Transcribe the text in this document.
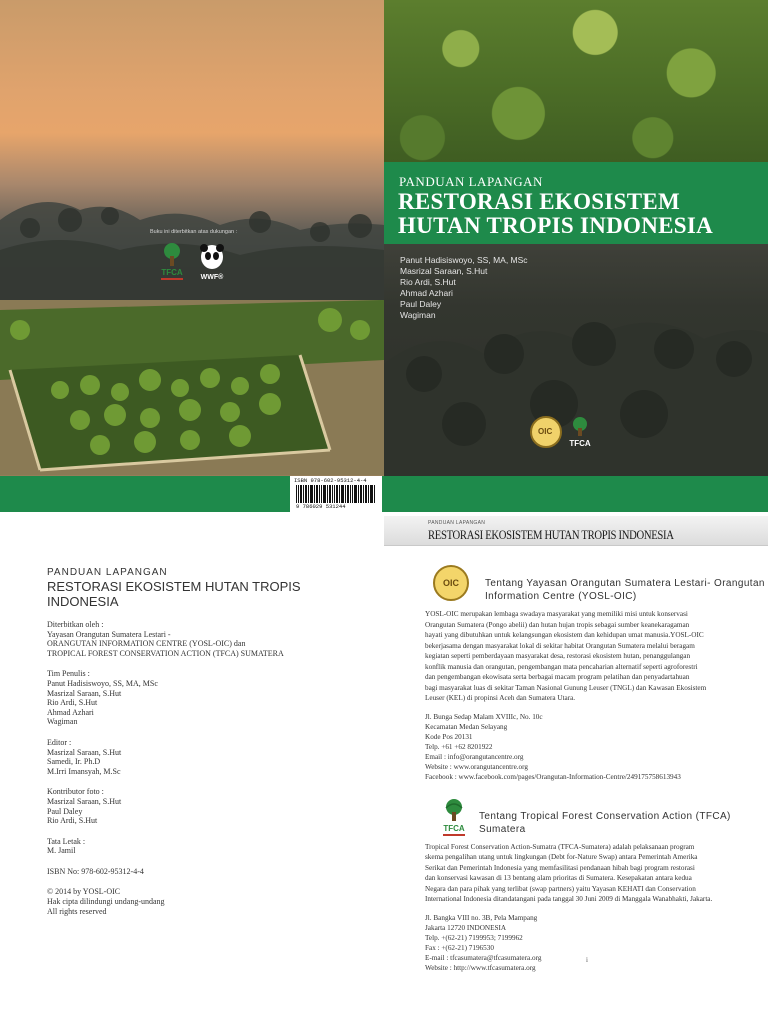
Buku ini diterbitkan atas dukungan :
TFCA
WWF®
PANDUAN LAPANGAN
RESTORASI EKOSISTEM
HUTAN TROPIS INDONESIA
Panut Hadisiswoyo, SS, MA, MSc
Masrizal Saraan, S.Hut
Rio Ardi, S.Hut
Ahmad Azhari
Paul Daley
Wagiman
OIC
TFCA
ISBN 978-602-95312-4-4
9 786029 531244
PANDUAN LAPANGAN
RESTORASI EKOSISTEM HUTAN TROPIS INDONESIA
PANDUAN LAPANGAN
RESTORASI EKOSISTEM HUTAN TROPIS INDONESIA
Diterbitkan oleh :
Yayasan Orangutan Sumatera Lestari -
ORANGUTAN INFORMATION CENTRE (YOSL-OIC) dan
TROPICAL FOREST CONSERVATION ACTION (TFCA) SUMATERA
Tim Penulis :
Panut Hadisiswoyo, SS, MA, MSc
Masrizal Saraan, S.Hut
Rio Ardi, S.Hut
Ahmad Azhari
Wagiman
Editor :
Masrizal Saraan, S.Hut
Samedi, Ir. Ph.D
M.Irri Imansyah, M.Sc
Kontributor foto :
Masrizal Saraan, S.Hut
Paul Daley
Rio Ardi, S.Hut
Tata Letak :
M. Jamil
ISBN No: 978-602-95312-4-4
© 2014 by YOSL-OIC
Hak cipta dilindungi undang-undang
All rights reserved
OIC	Tentang Yayasan Orangutan Sumatera Lestari- Orangutan Information Centre (YOSL-OIC)
YOSL-OIC merupakan lembaga swadaya masyarakat yang memiliki misi untuk konservasi
Orangutan Sumatera (Pongo abelii) dan hutan hujan tropis sebagai sumber keanekaragaman
hayati yang dibutuhkan untuk kelangsungan ekosistem dan kehidupan umat manusia.YOSL-OIC
bekerjasama dengan masyarakat lokal di sekitar habitat Orangutan Sumatera melalui beragam
kegiatan seperti pemberdayaan masyarakat desa, restorasi ekosistem hutan, penanggulangan
konflik manusia dan orangutan, pengembangan mata pencaharian alternatif seperti agroforestri
dan pengembangan ekowisata serta berbagai macam program pelatihan dan penyadartahuan
bagi masyarakat luas di sekitar Taman Nasional Gunung Leuser (TNGL) dan Kawasan Ekosistem
Leuser (KEL) di propinsi Aceh dan Sumatera Utara.
Jl. Bunga Sedap Malam XVIIIc, No. 10c
Kecamatan Medan Selayang
Kode Pos 20131
Telp. +61 +62 8201922
Email : info@orangutancentre.org
Website : www.orangutancentre.org
Facebook : www.facebook.com/pages/Orangutan-Information-Centre/249175758613943
TFCA
Tentang Tropical Forest Conservation Action (TFCA) Sumatera
Tropical Forest Conservation Action-Sumatra (TFCA-Sumatera) adalah pelaksanaan program
skema pengalihan utang untuk lingkungan (Debt for-Nature Swap) antara Pemerintah Amerika
Serikat dan Pemerintah Indonesia yang memfasilitasi pendanaan hibah bagi program restorasi
dan konservasi kawasan di 13 bentang alam prioritas di Sumatera. Kesepakatan antara kedua
Negara dan para pihak yang terlibat (swap partners) yaitu Yayasan KEHATI dan Conservation
International Indonesia ditandatangani pada tanggal 30 Juni 2009 di Manggala Wanabhakti, Jakarta.
Jl. Bangka VIII no. 3B, Pela Mampang
Jakarta 12720 INDONESIA
Telp. +(62-21) 7199953; 7199962
Fax : +(62-21) 7196530
E-mail : tfcasumatera@tfcasumatera.org
Website : http://www.tfcasumatera.org
i
